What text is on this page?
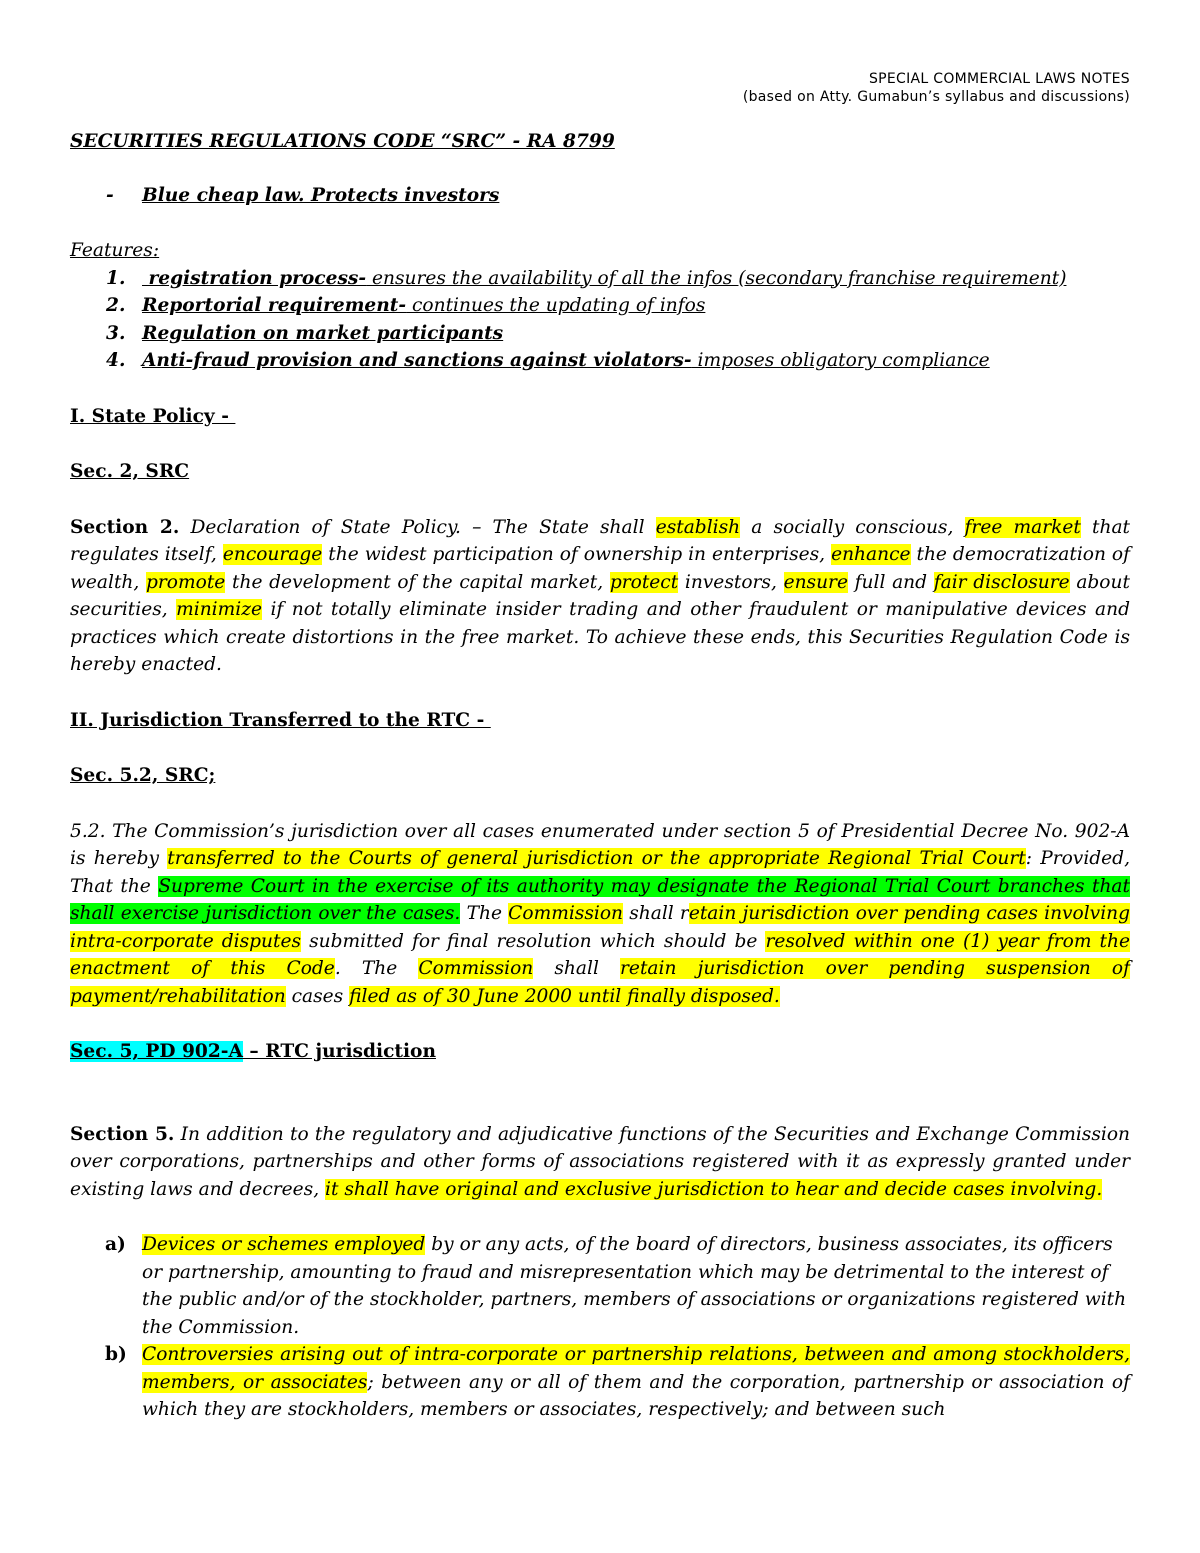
SPECIAL COMMERCIAL LAWS NOTES
(based on Atty. Gumabun’s syllabus and discussions)

SECURITIES REGULATIONS CODE “SRC” - RA 8799

-	Blue cheap law. Protects investors

Features:

1. registration process- ensures the availability of all the infos (secondary franchise requirement)
2. Reportorial requirement- continues the updating of infos
3. Regulation on market participants
4. Anti-fraud provision and sanctions against violators- imposes obligatory compliance

I. State Policy -

Sec. 2, SRC

Section 2. Declaration of State Policy. – The State shall establish a socially conscious, free market that regulates itself, encourage the widest participation of ownership in enterprises, enhance the democratization of wealth, promote the development of the capital market, protect investors, ensure full and fair disclosure about securities, minimize if not totally eliminate insider trading and other fraudulent or manipulative devices and practices which create distortions in the free market. To achieve these ends, this Securities Regulation Code is hereby enacted.

II. Jurisdiction Transferred to the RTC -

Sec. 5.2, SRC;

5.2. The Commission’s jurisdiction over all cases enumerated under section 5 of Presidential Decree No. 902-A is hereby transferred to the Courts of general jurisdiction or the appropriate Regional Trial Court: Provided, That the Supreme Court in the exercise of its authority may designate the Regional Trial Court branches that shall exercise jurisdiction over the cases. The Commission shall retain jurisdiction over pending cases involving intra-corporate disputes submitted for final resolution which should be resolved within one (1) year from the enactment of this Code. The Commission shall retain jurisdiction over pending suspension of payment/rehabilitation cases filed as of 30 June 2000 until finally disposed.

Sec. 5, PD 902-A – RTC jurisdiction

Section 5. In addition to the regulatory and adjudicative functions of the Securities and Exchange Commission over corporations, partnerships and other forms of associations registered with it as expressly granted under existing laws and decrees, it shall have original and exclusive jurisdiction to hear and decide cases involving.

a) Devices or schemes employed by or any acts, of the board of directors, business associates, its officers or partnership, amounting to fraud and misrepresentation which may be detrimental to the interest of the public and/or of the stockholder, partners, members of associations or organizations registered with the Commission.
b) Controversies arising out of intra-corporate or partnership relations, between and among stockholders, members, or associates; between any or all of them and the corporation, partnership or association of which they are stockholders, members or associates, respectively; and between such
